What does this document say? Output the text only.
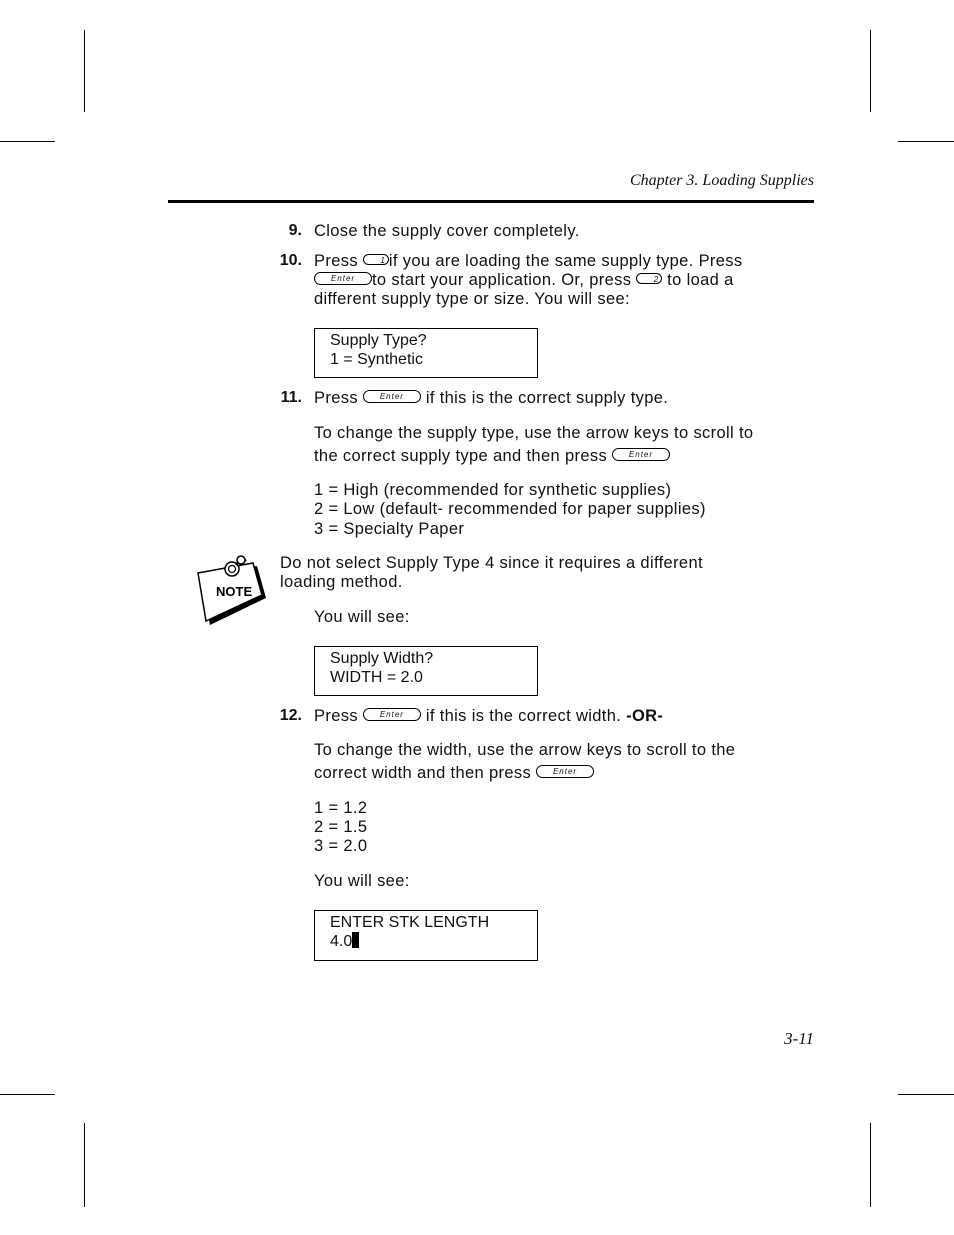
Chapter 3. Loading Supplies
9. Close the supply cover completely.
10. Press	1 if you are loading the same supply type. Press
Enter to start your application. Or, press	2 to load a
different supply type or size. You will see:
Supply Type?
1 = Synthetic
11. Press	Enter if this is the correct supply type.
To change the supply type, use the arrow keys to scroll to
the correct supply type and then press	Enter
1 = High (recommended for synthetic supplies)
2 = Low (default- recommended for paper supplies)
3 = Specialty Paper
NOTE
Do not select Supply Type 4 since it requires a different
loading method.
You will see:
Supply Width?
WIDTH = 2.0
12. Press	Enter if this is the correct width. -OR-
To change the width, use the arrow keys to scroll to the
correct width and then press	Enter
1 = 1.2
2 = 1.5
3 = 2.0
You will see:
ENTER STK LENGTH
4.0
3-11
